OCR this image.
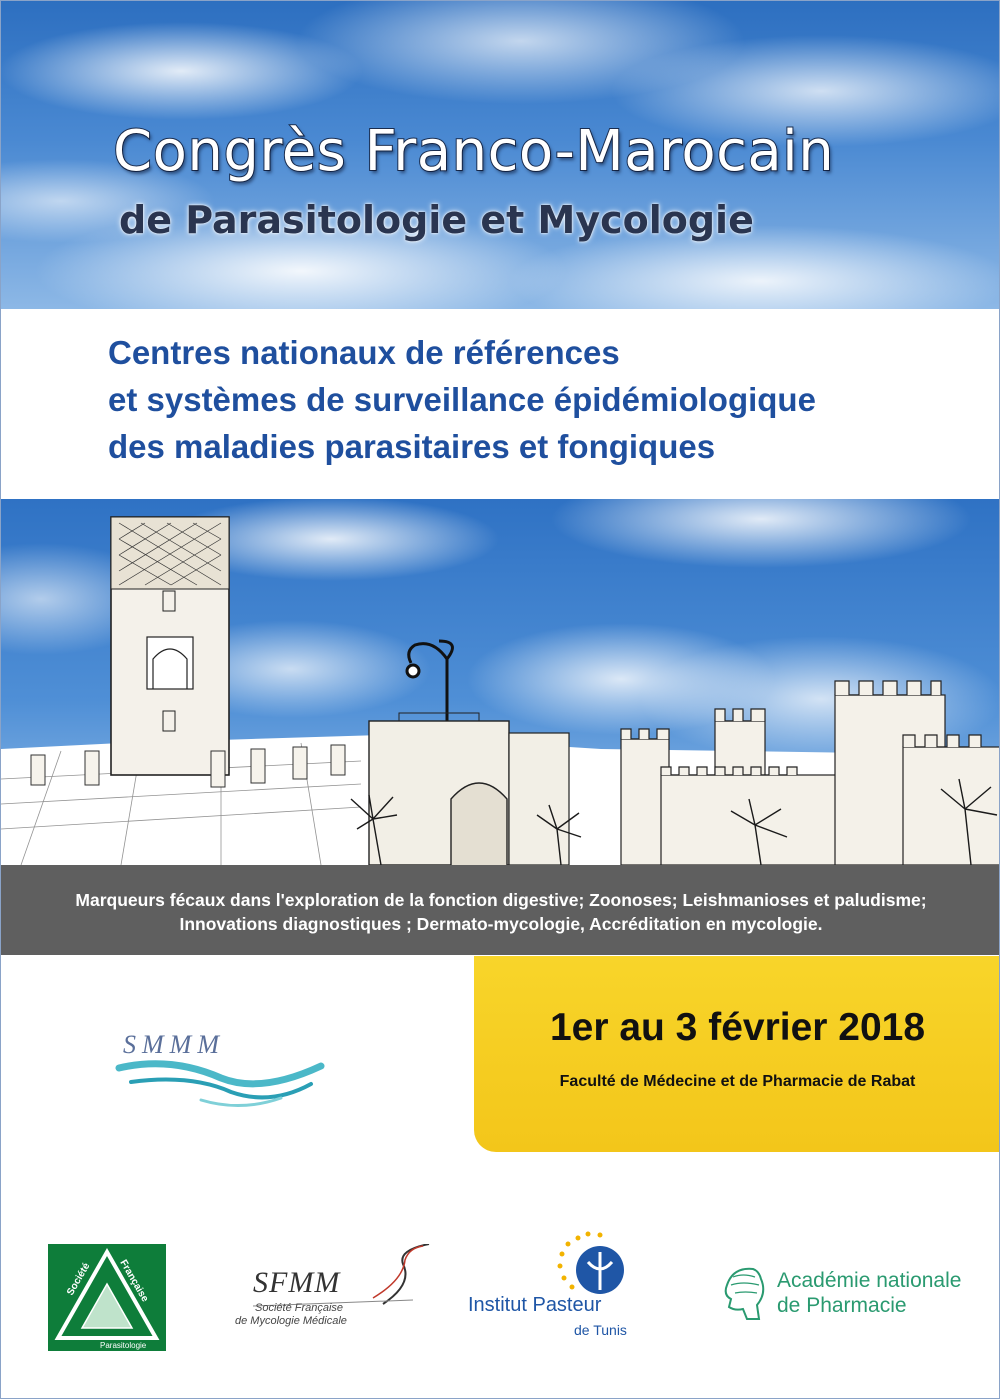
Congrès Franco-Marocain
de Parasitologie et Mycologie
Centres nationaux de références
et systèmes de surveillance épidémiologique
des maladies parasitaires et fongiques

Marqueurs fécaux dans l'exploration de la fonction digestive; Zoonoses; Leishmanioses et paludisme;

Innovations diagnostiques ; Dermato-mycologie, Accréditation en mycologie.

SMMM	1er au 3 février 2018

Faculté de Médecine et de Pharmacie de Rabat

Société	Française
Parasitologie
SFMM
Société Française
de Mycologie Médicale
Institut Pasteur
de Tunis
Académie nationale
de Pharmacie
